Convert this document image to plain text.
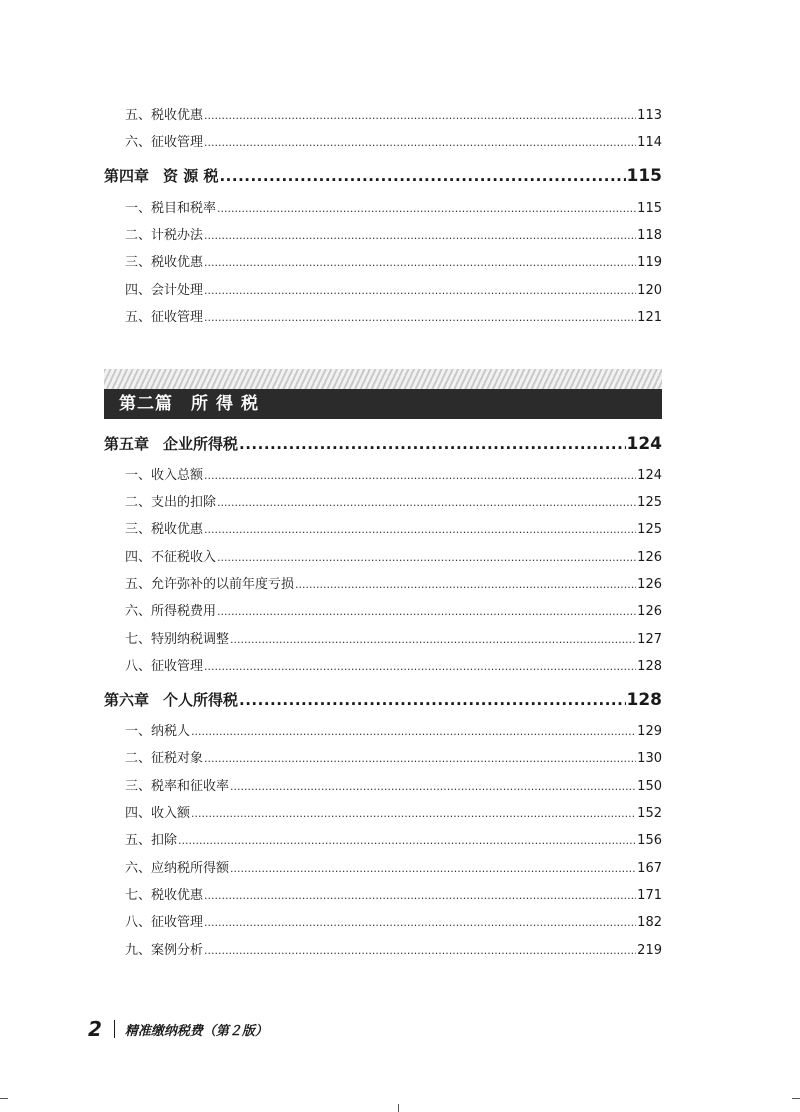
五、税收优惠 .....	113
六、征收管理 .....	114
第四章 资 源 税 .....	115
一、税目和税率 .....	115
二、计税办法 .....	118
三、税收优惠 .....	119
四、会计处理 .....	120
五、征收管理 .....	121
第二篇 所得税
第五章 企业所得税 .....	124
一、收入总额 .....	124
二、支出的扣除 .....	125
三、税收优惠 .....	125
四、不征税收入 .....	126
五、允许弥补的以前年度亏损 .....	126
六、所得税费用 .....	126
七、特别纳税调整 .....	127
八、征收管理 .....	128
第六章 个人所得税 .....	128
一、纳税人 .....	129
二、征税对象 .....	130
三、税率和征收率 .....	150
四、收入额 .....	152
五、扣除 .....	156
六、应纳税所得额 .....	167
七、税收优惠 .....	171
八、征收管理 .....	182
九、案例分析 .....	219
2 精准缴纳税费（第２版）
